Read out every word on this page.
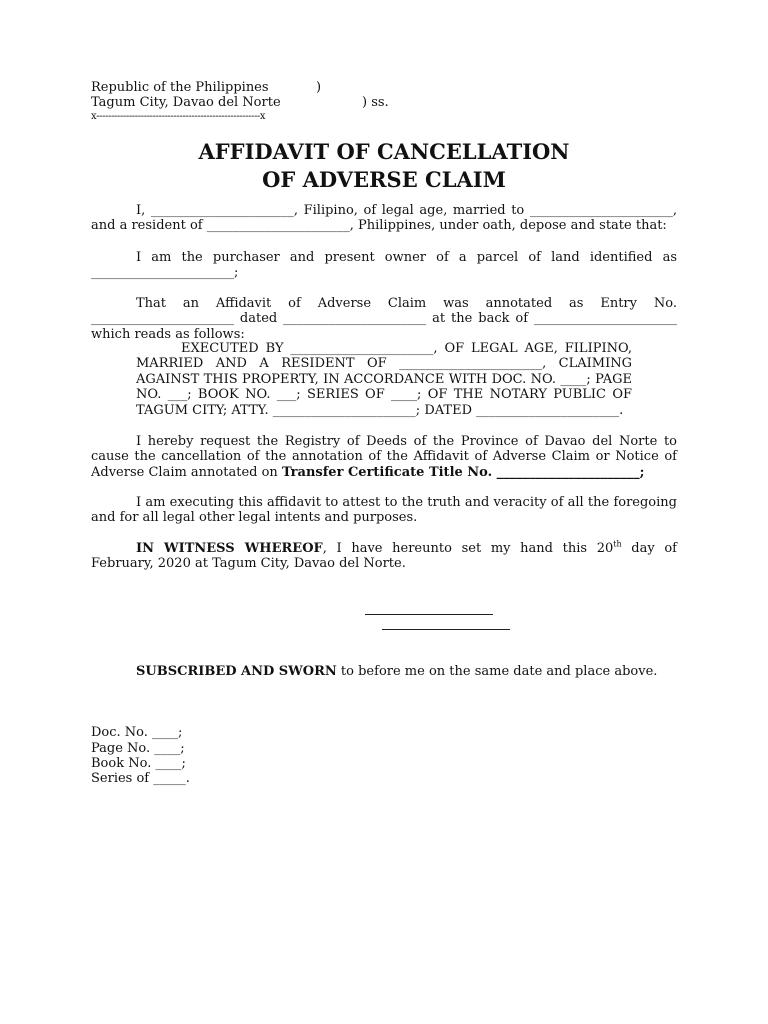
Republic of the Philippines	)
Tagum City, Davao del Norte	) ss.
x-------------------------------------------------------x
AFFIDAVIT OF CANCELLATION
OF ADVERSE CLAIM

I, ______________________, Filipino, of legal age, married to ______________________, and a resident of ______________________, Philippines, under oath, depose and state that:

I am the purchaser and present owner of a parcel of land identified as ______________________;

That an Affidavit of Adverse Claim was annotated as Entry No. ______________________ dated ______________________ at the back of ______________________ which reads as follows:

EXECUTED BY ______________________, OF LEGAL AGE, FILIPINO, MARRIED AND A RESIDENT OF ______________________, CLAIMING AGAINST THIS PROPERTY, IN ACCORDANCE WITH DOC. NO. ____; PAGE NO. ___; BOOK NO. ___; SERIES OF ____; OF THE NOTARY PUBLIC OF TAGUM CITY; ATTY. ______________________; DATED ______________________.

I hereby request the Registry of Deeds of the Province of Davao del Norte to cause the cancellation of the annotation of the Affidavit of Adverse Claim or Notice of Adverse Claim annotated on Transfer Certificate Title No. ______________________;

I am executing this affidavit to attest to the truth and veracity of all the foregoing and for all legal other legal intents and purposes.

IN WITNESS WHEREOF, I have hereunto set my hand this 20th day of February, 2020 at Tagum City, Davao del Norte.

SUBSCRIBED AND SWORN to before me on the same date and place above.

Doc. No. ____;
Page No. ____;
Book No. ____;
Series of _____.
